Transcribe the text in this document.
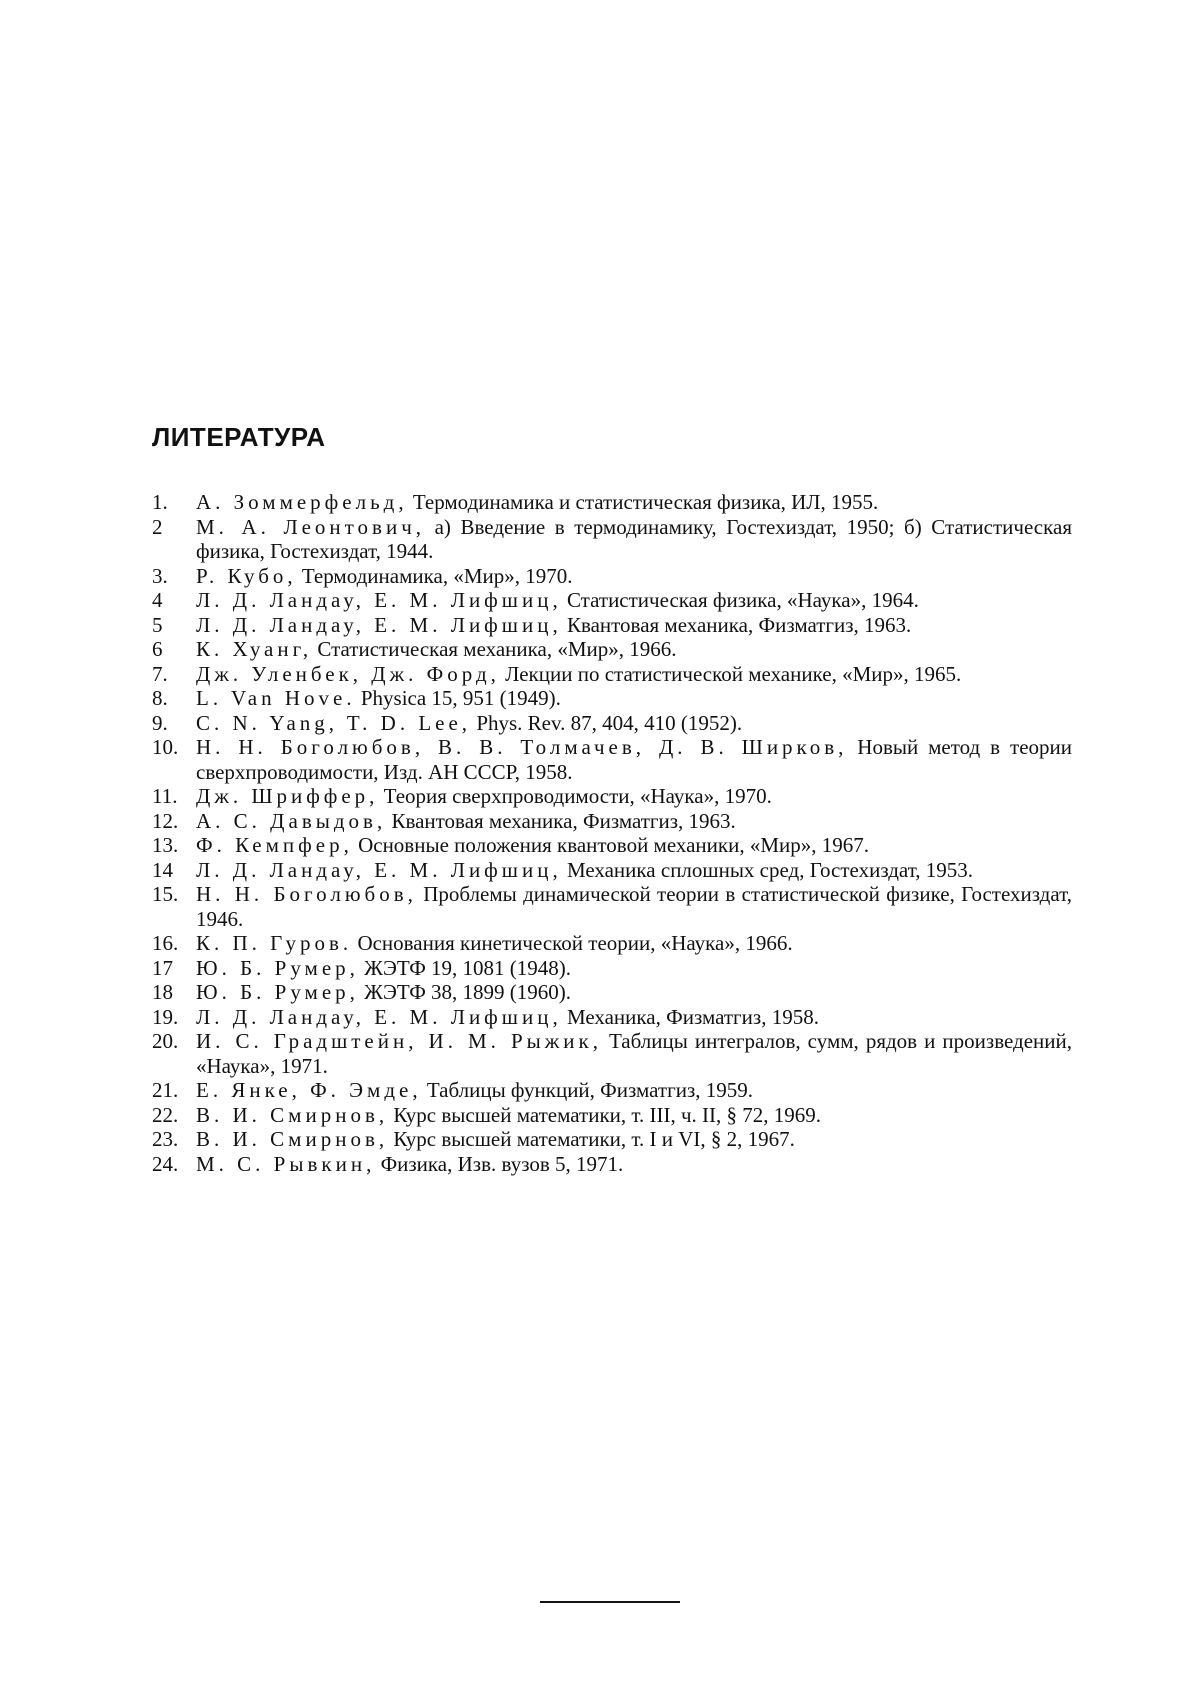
ЛИТЕРАТУРА
1.	А. Зоммерфельд, Термодинамика и статистическая физика, ИЛ, 1955.
2	М. А. Леонтович, а) Введение в термодинамику, Гостехиздат, 1950; б) Статистическая физика, Гостехиздат, 1944.
3.	Р. Кубо, Термодинамика, «Мир», 1970.
4	Л. Д. Ландау, Е. М. Лифшиц, Статистическая физика, «Наука», 1964.
5	Л. Д. Ландау, Е. М. Лифшиц, Квантовая механика, Физматгиз, 1963.
6	К. Хуанг, Статистическая механика, «Мир», 1966.
7.	Дж. Уленбек, Дж. Форд, Лекции по статистической механике, «Мир», 1965.
8.	L. Van Hove. Physica 15, 951 (1949).
9.	C. N. Yang, T. D. Lee, Phys. Rev. 87, 404, 410 (1952).
10. Н. Н. Боголюбов, В. В. Толмачев, Д. В. Ширков, Новый метод в теории сверхпроводимости, Изд. АН СССР, 1958.
11. Дж. Шриффер, Теория сверхпроводимости, «Наука», 1970.
12. А. С. Давыдов, Квантовая механика, Физматгиз, 1963.
13. Ф. Кемпфер, Основные положения квантовой механики, «Мир», 1967.
14	Л. Д. Ландау, Е. М. Лифшиц, Механика сплошных сред, Гостехиздат, 1953.
15. Н. Н. Боголюбов, Проблемы динамической теории в статистической физике, Гостехиздат, 1946.
16. К. П. Гуров. Основания кинетической теории, «Наука», 1966.
17	Ю. Б. Румер, ЖЭТФ 19, 1081 (1948).
18	Ю. Б. Румер, ЖЭТФ 38, 1899 (1960).
19. Л. Д. Ландау, Е. М. Лифшиц, Механика, Физматгиз, 1958.
20. И. С. Градштейн, И. М. Рыжик, Таблицы интегралов, сумм, рядов и произведений, «Наука», 1971.
21. Е. Янке, Ф. Эмде, Таблицы функций, Физматгиз, 1959.
22. В. И. Смирнов, Курс высшей математики, т. III, ч. II, § 72, 1969.
23. В. И. Смирнов, Курс высшей математики, т. I и VI, § 2, 1967.
24. М. С. Рывкин, Физика, Изв. вузов 5, 1971.
